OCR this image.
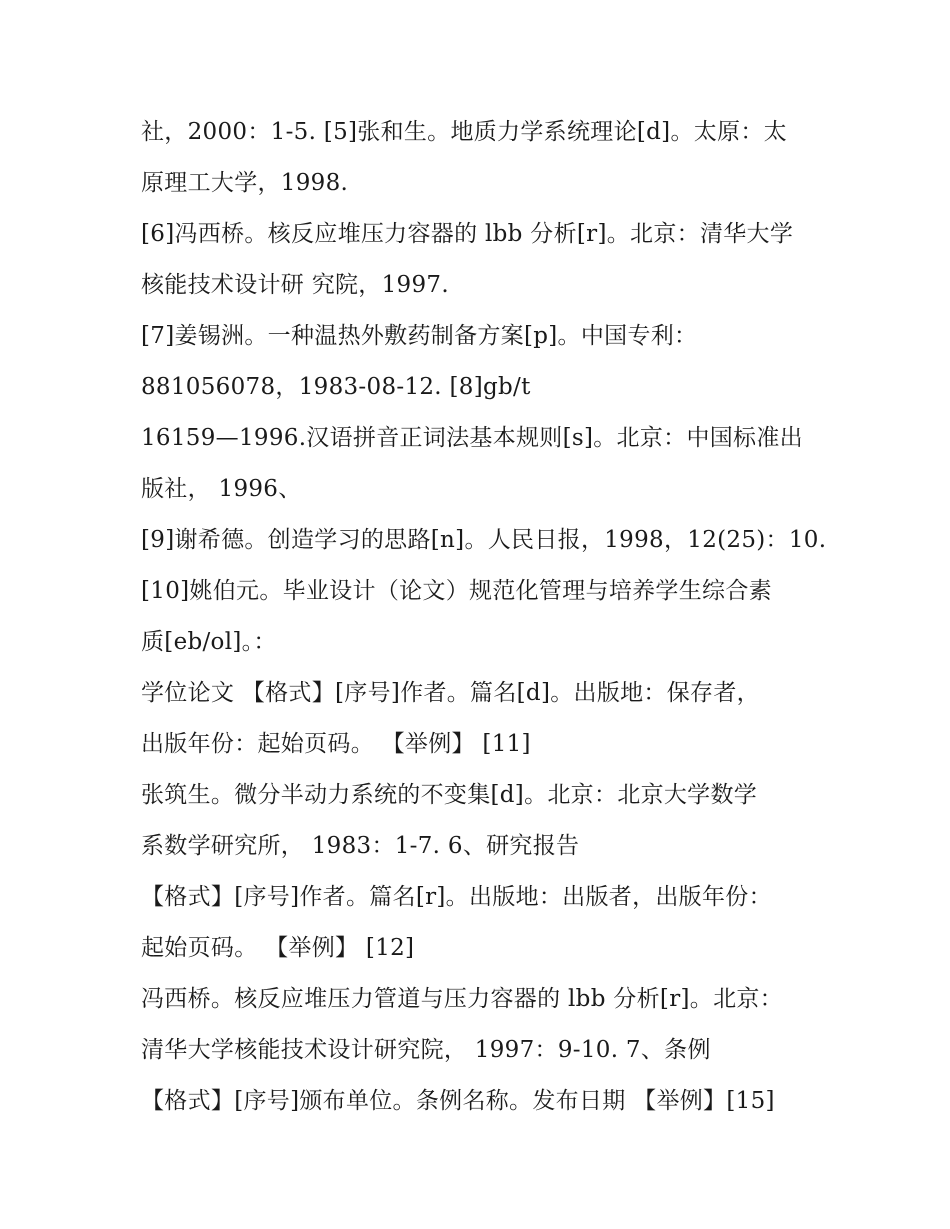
社，2000：1-5. [5]张和生。地质力学系统理论[d]。太原：太
原理工大学，1998.
[6]冯西桥。核反应堆压力容器的 lbb 分析[r]。北京：清华大学
核能技术设计研 究院，1997.
[7]姜锡洲。一种温热外敷药制备方案[p]。中国专利：
881056078，1983-08-12. [8]gb/t
16159—1996.汉语拼音正词法基本规则[s]。北京：中国标准出
版社， 1996、
[9]谢希德。创造学习的思路[n]。人民日报，1998，12(25)：10.
[10]姚伯元。毕业设计（论文）规范化管理与培养学生综合素
质[eb/ol]。：
学位论文 【格式】[序号]作者。篇名[d]。出版地：保存者，
出版年份：起始页码。 【举例】 [11]
张筑生。微分半动力系统的不变集[d]。北京：北京大学数学
系数学研究所， 1983：1-7. 6、研究报告
【格式】[序号]作者。篇名[r]。出版地：出版者，出版年份：
起始页码。 【举例】 [12]
冯西桥。核反应堆压力管道与压力容器的 lbb 分析[r]。北京：
清华大学核能技术设计研究院， 1997：9-10. 7、条例
【格式】[序号]颁布单位。条例名称。发布日期 【举例】[15]
